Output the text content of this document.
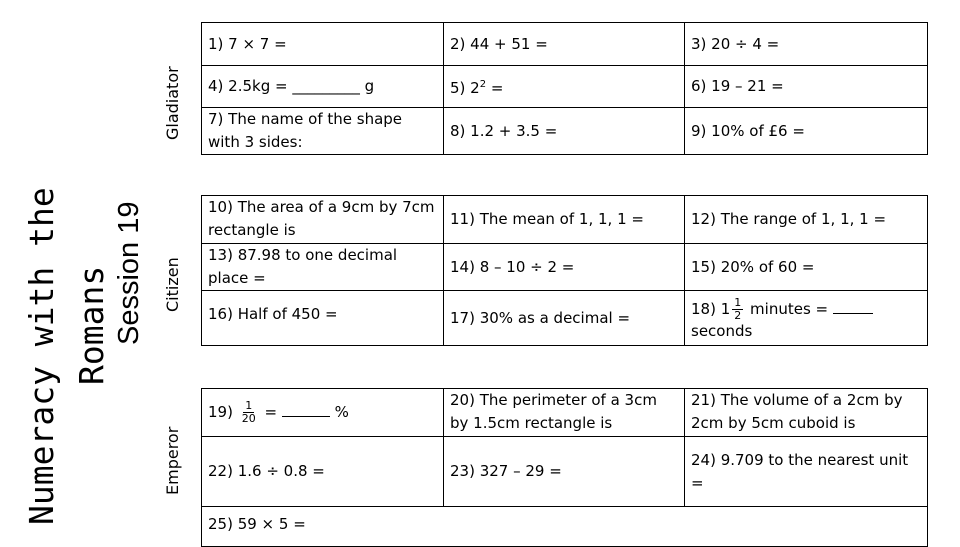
Numeracy with the Romans Session 19
Gladiator
Citizen
Emperor
1) 7 × 7 =	2) 44 + 51 =	3) 20 ÷ 4 =
4) 2.5kg = _________ g	5) $2^2$ =	6) 19 – 21 =
7) The name of the shape with 3 sides:	8) 1.2 + 3.5 =	9) 10% of £6 =
10) The area of a 9cm by 7cm rectangle is	11) The mean of 1, 1, 1 =	12) The range of 1, 1, 1 =
13) 87.98 to one decimal place =	14) 8 – 10 ÷ 2 =	15) 20% of 60 =
16) Half of 450 =	17) 30% as a decimal =	18) $1 \frac{1}{2}$ minutes =
seconds
$19) \frac{1}{20}$ = %	20) The perimeter of a 3cm by 1.5cm rectangle is	21) The volume of a 2cm by 2cm by 5cm cuboid is
22) 1.6 ÷ 0.8 =	23) 327 – 29 =	24) 9.709 to the nearest unit
=

25) 59 × 5 =		
